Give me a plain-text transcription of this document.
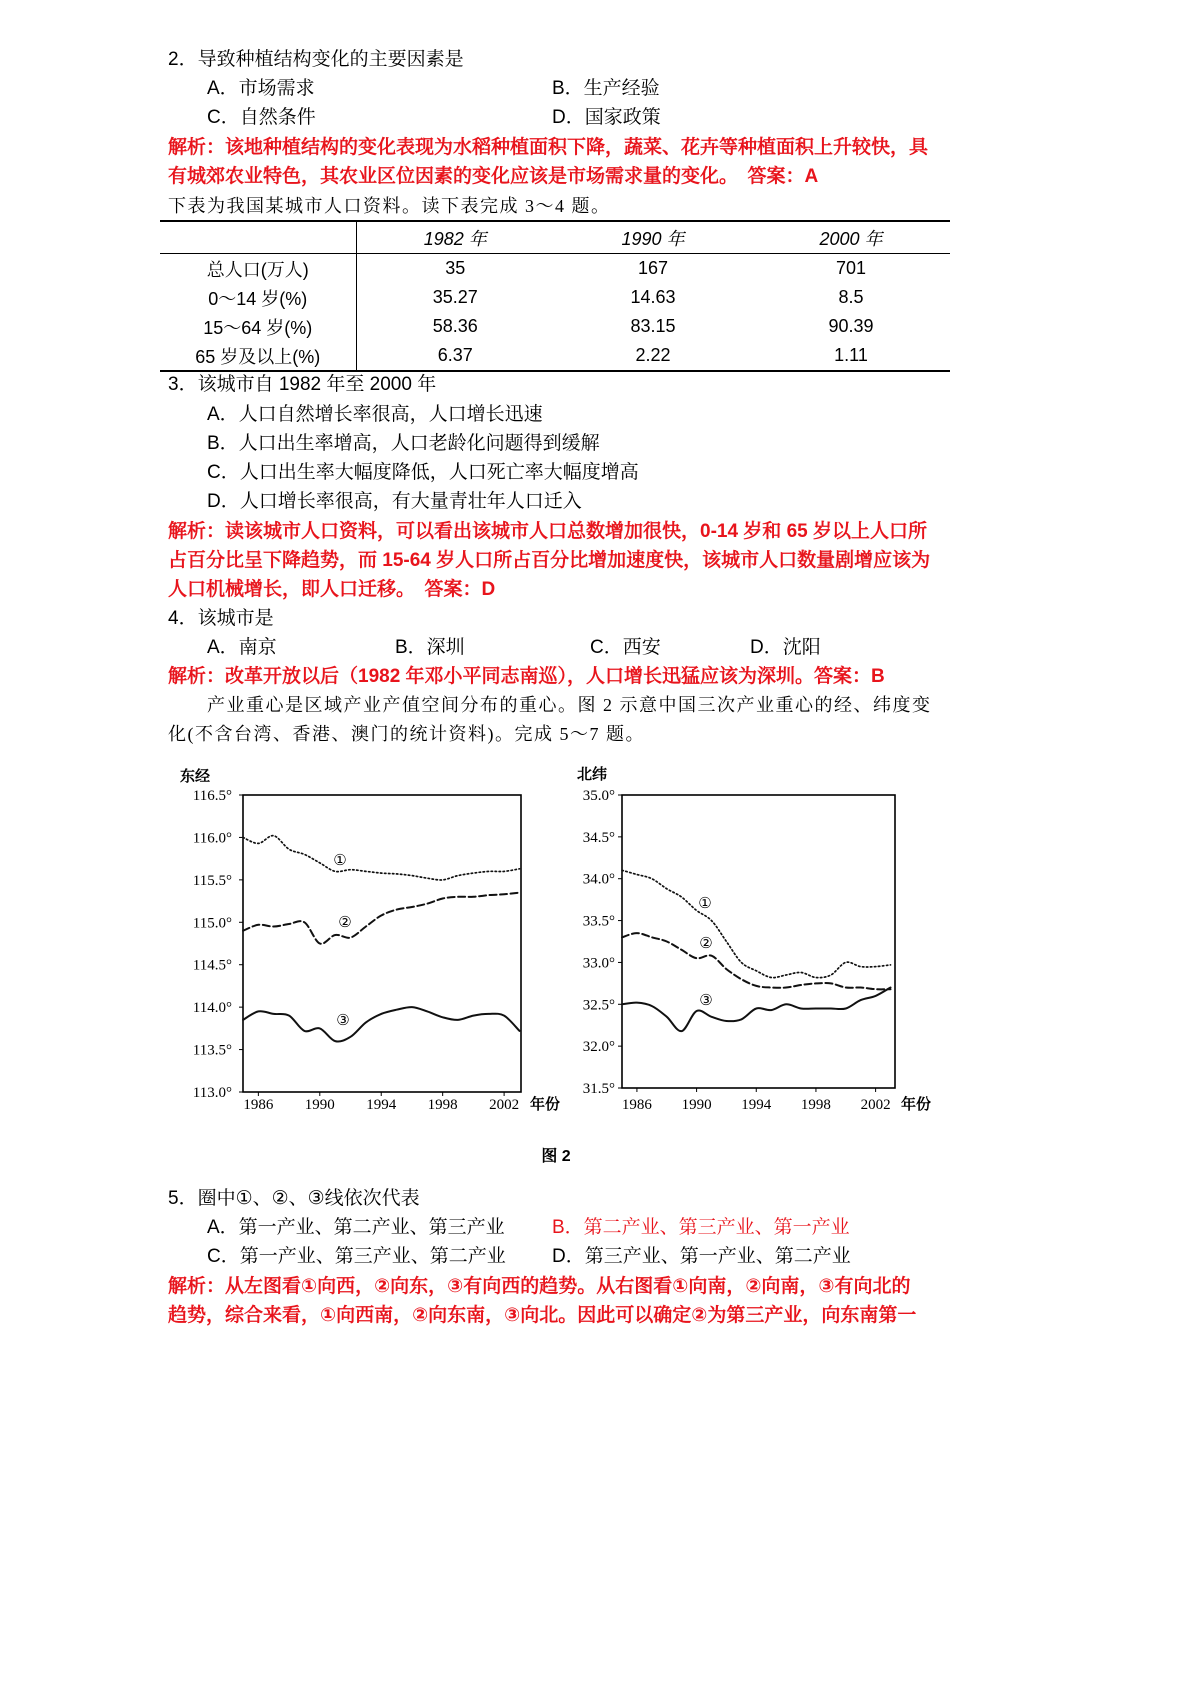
2．导致种植结构变化的主要因素是
A．市场需求	B．生产经验
C．自然条件	D．国家政策
解析：该地种植结构的变化表现为水稻种植面积下降，蔬菜、花卉等种植面积上升较快，具
有城郊农业特色，其农业区位因素的变化应该是市场需求量的变化。　答案：A
下表为我国某城市人口资料。读下表完成 3～4 题。
	1982 年	1990 年	2000 年
总人口(万人)	35	167	701
0～14 岁(%)	35.27	14.63	8.5
15～64 岁(%)	58.36	83.15	90.39
65 岁及以上(%)	6.37	2.22	1.11
3．该城市自 1982 年至 2000 年
A．人口自然增长率很高，人口增长迅速
B．人口出生率增高，人口老龄化问题得到缓解
C．人口出生率大幅度降低，人口死亡率大幅度增高
D．人口增长率很高，有大量青壮年人口迁入
解析：读该城市人口资料，可以看出该城市人口总数增加很快，0-14 岁和 65 岁以上人口所
占百分比呈下降趋势，而 15-64 岁人口所占百分比增加速度快，该城市人口数量剧增应该为
人口机械增长，即人口迁移。　答案：D
4．该城市是
A．南京	B．深圳	C．西安	D．沈阳
解析：改革开放以后（1982 年邓小平同志南巡），人口增长迅猛应该为深圳。答案：B
产业重心是区域产业产值空间分布的重心。图 2 示意中国三次产业重心的经、纬度变
化(不含台湾、香港、澳门的统计资料)。完成 5～7 题。
116.5°
116.0°
115.5°
115.0°
114.5°
114.0°
113.5°
113.0°
1986 1990 1994 1998 2002
东经
年份
①
②
③
35.0°
34.5°
34.0°
33.5°
33.0°
32.5°
32.0°
31.5°
1986 1990 1994 1998 2002
北纬
年份
①
②
③
图 2
5．圈中①、②、③线依次代表
A．第一产业、第二产业、第三产业 B．第二产业、第三产业、第一产业
C．第一产业、第三产业、第二产业 D．第三产业、第一产业、第二产业
解析：从左图看①向西，②向东，③有向西的趋势。从右图看①向南，②向南，③有向北的
趋势，综合来看，①向西南，②向东南，③向北。因此可以确定②为第三产业，向东南第一
